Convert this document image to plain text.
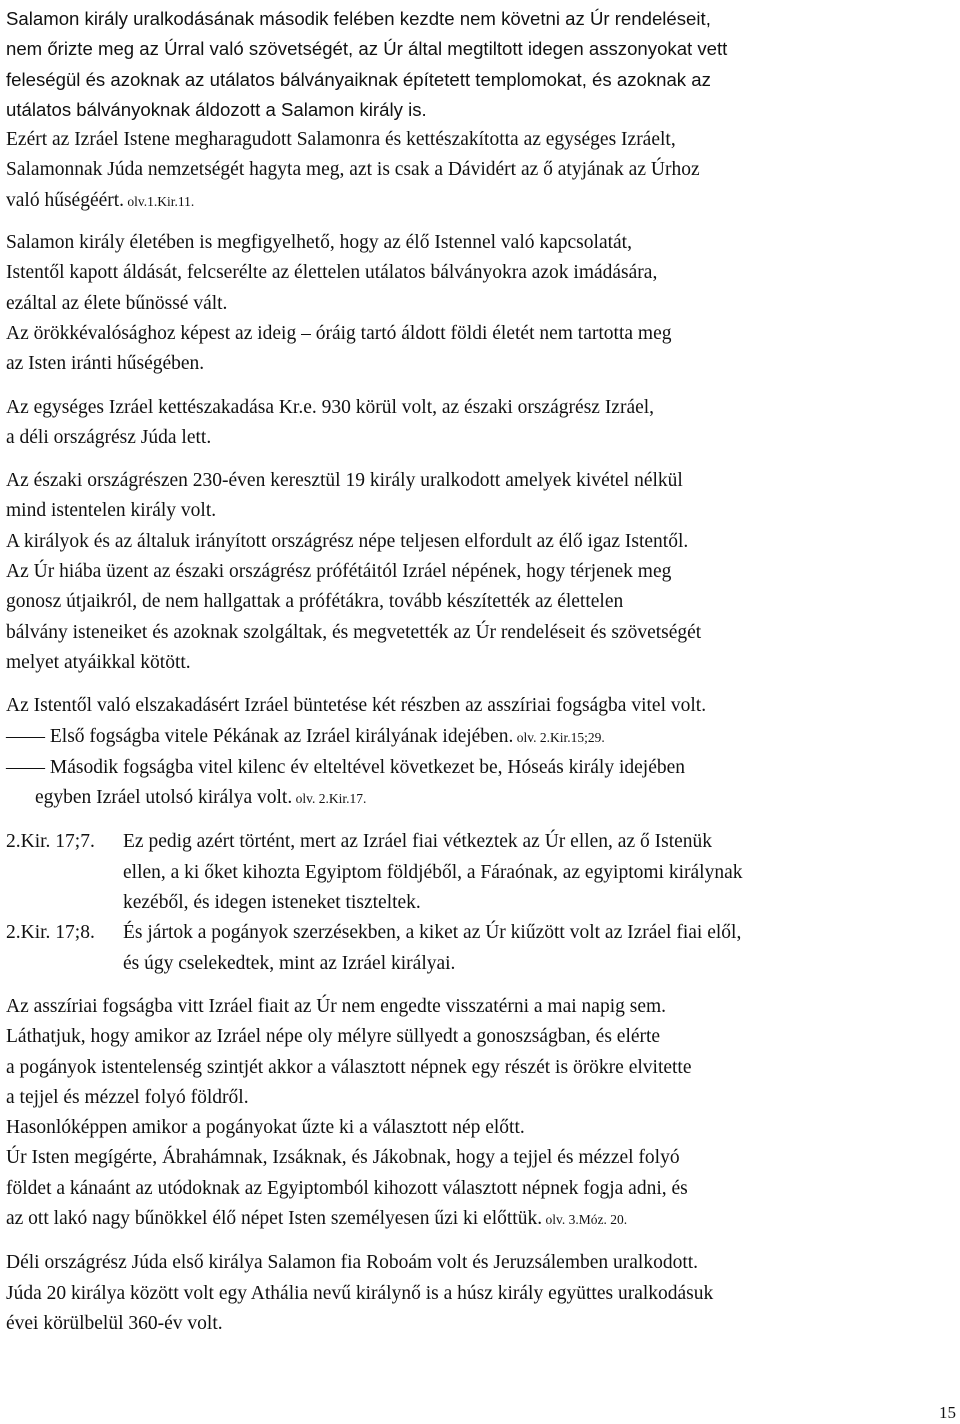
Salamon király uralkodásának második felében kezdte nem követni az Úr rendeléseit,
nem őrizte meg az Úrral való szövetségét, az Úr által megtiltott idegen asszonyokat vett
feleségül és azoknak az utálatos bálványaiknak építetett templomokat, és azoknak az
utálatos bálványoknak áldozott a Salamon király is.

Ezért az Izráel Istene megharagudott Salamonra és kettészakította az egységes Izráelt,
Salamonnak Júda nemzetségét hagyta meg, azt is csak a Dávidért az ő atyjának az Úrhoz
való hűségéért. olv.1.Kir.11.

Salamon király életében is megfigyelhető, hogy az élő Istennel való kapcsolatát,
Istentől kapott áldását, felcserélte az élettelen utálatos bálványokra azok imádására,
ezáltal az élete bűnössé vált.
Az örökkévalósághoz képest az ideig – óráig tartó áldott földi életét nem tartotta meg
az Isten iránti hűségében.

Az egységes Izráel kettészakadása Kr.e. 930 körül volt, az északi országrész Izráel,
a déli országrész Júda lett.

Az északi országrészen 230-éven keresztül 19 király uralkodott amelyek kivétel nélkül
mind istentelen király volt.
A királyok és az általuk irányított országrész népe teljesen elfordult az élő igaz Istentől.
Az Úr hiába üzent az északi országrész prófétáitól Izráel népének, hogy térjenek meg
gonosz útjaikról, de nem hallgattak a prófétákra, tovább készítették az élettelen
bálvány isteneiket és azoknak szolgáltak, és megvetették az Úr rendeléseit és szövetségét
melyet atyáikkal kötött.

Az Istentől való elszakadásért Izráel büntetése két részben az asszíriai fogságba vitel volt.
—— Első fogságba vitele Pékának az Izráel királyának idejében. olv. 2.Kir.15;29.
—— Második fogságba vitel kilenc év elteltével következet be, Hóseás király idejében
egyben Izráel utolsó királya volt. olv. 2.Kir.17.

2.Kir. 17;7.	Ez pedig azért történt, mert az Izráel fiai vétkeztek az Úr ellen, az ő Istenük
ellen, a ki őket kihozta Egyiptom földjéből, a Fáraónak, az egyiptomi királynak
kezéből, és idegen isteneket tiszteltek.
2.Kir. 17;8.	És jártok a pogányok szerzésekben, a kiket az Úr kiűzött volt az Izráel fiai elől,
és úgy cselekedtek, mint az Izráel királyai.

Az asszíriai fogságba vitt Izráel fiait az Úr nem engedte visszatérni a mai napig sem.
Láthatjuk, hogy amikor az Izráel népe oly mélyre süllyedt a gonoszságban, és elérte
a pogányok istentelenség szintjét akkor a választott népnek egy részét is örökre elvitette
a tejjel és mézzel folyó földről.
Hasonlóképpen amikor a pogányokat űzte ki a választott nép előtt.
Úr Isten megígérte, Ábrahámnak, Izsáknak, és Jákobnak, hogy a tejjel és mézzel folyó
földet a kánaánt az utódoknak az Egyiptomból kihozott választott népnek fogja adni, és
az ott lakó nagy bűnökkel élő népet Isten személyesen űzi ki előttük. olv. 3.Móz. 20.

Déli országrész Júda első királya Salamon fia Roboám volt és Jeruzsálemben uralkodott.
Júda 20 királya között volt egy Athália nevű királynő is a húsz király együttes uralkodásuk
évei körülbelül 360-év volt.

15
